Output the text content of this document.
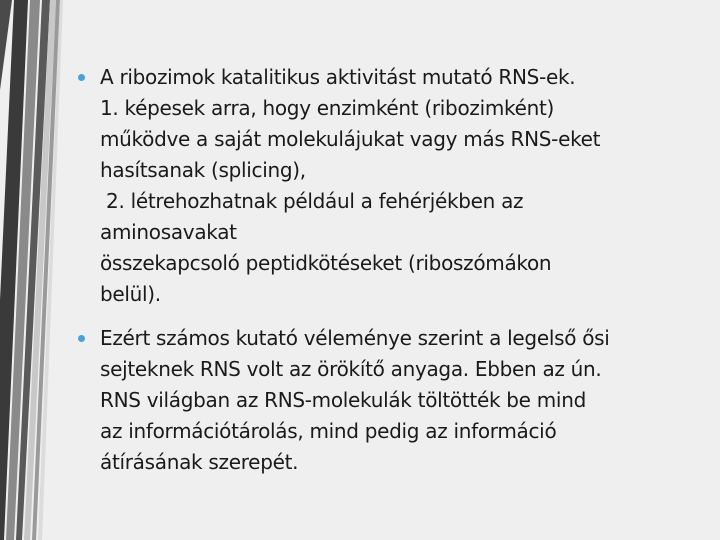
A ribozimok katalitikus aktivitást mutató RNS-ek.
1. képesek arra, hogy enzimként (ribozimként)
működve a saját molekulájukat vagy más RNS-eket
hasítsanak (splicing),
2. létrehozhatnak például a fehérjékben az
aminosavakat
összekapcsoló peptidkötéseket (riboszómákon
belül).

Ezért számos kutató véleménye szerint a legelső ősi
sejteknek RNS volt az örökítő anyaga. Ebben az ún.
RNS világban az RNS-molekulák töltötték be mind
az információtárolás, mind pedig az információ
átírásának szerepét.
